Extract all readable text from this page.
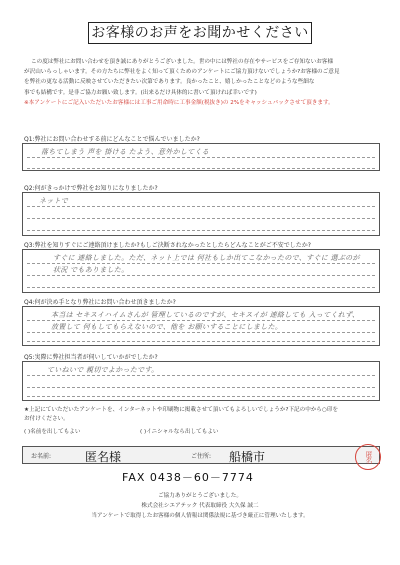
お客様のお声をお聞かせください
この度は弊社にお問い合わせを頂き誠にありがとうございました。世の中には弊社の存在やサービスをご存知ないお客様
が沢山いらっしゃいます。その方たちに弊社をよく知って頂くためのアンケートにご協力頂けないでしょうか?お客様のご意見
を弊社の更なる活動に反映させていただきたい次第であります。良かったこと、嬉しかったことなどのような些細な
事でも結構です。是非ご協力お願い致します。(出来るだけ具体的に書いて頂ければ幸いです)
※本アンケートにご記入いただいたお客様には工事ご用命時に工事金額(税抜き)の 2%をキャッシュバックさせて頂きます。
Q1:弊社にお問い合わせする前にどんなことで悩んでいましたか?
落ちてしまう 声を 掛ける たよう、意外かしてくる
Q2:何がきっかけで弊社をお知りになりましたか?
ネットで
Q3:弊社を知りすぐにご連絡頂けましたか?もしご決断されなかったとしたらどんなことがご不安でしたか?
すぐに 連絡しました。ただ、ネット上では 何社もしか出てこなかったので、すぐに 選ぶのが
状況 でもありました。
Q4:何が決め手となり弊社にお問い合わせ頂きましたか?
本当は セキスイハイムさんが 管理しているのですが、セキスイが 連絡しても 入ってくれず、
放置して 何もしてもらえないので、他を お願いすることにしました。
Q5:実際に弊社担当者が伺いしていかがでしたか?
ていねいで 親切でよかったです。
★上記にていただいたアンケートを、インターネットや印刷物に掲載させて頂いてもよろしいでしょうか?下記の中から○印を
お付けください。
( )名前を出してもよい	( )イニシャルなら出してもよい
お名前:	匿名様	ご住所: 船橋市	匿名
FAX 0438－60－7774
ご協力ありがとうございました。
株式会社シエアテック 代表取締役 大久保 誠二
当アンケートで取得したお客様の個人情報は関係法規に基づき厳正に管理いたします。
